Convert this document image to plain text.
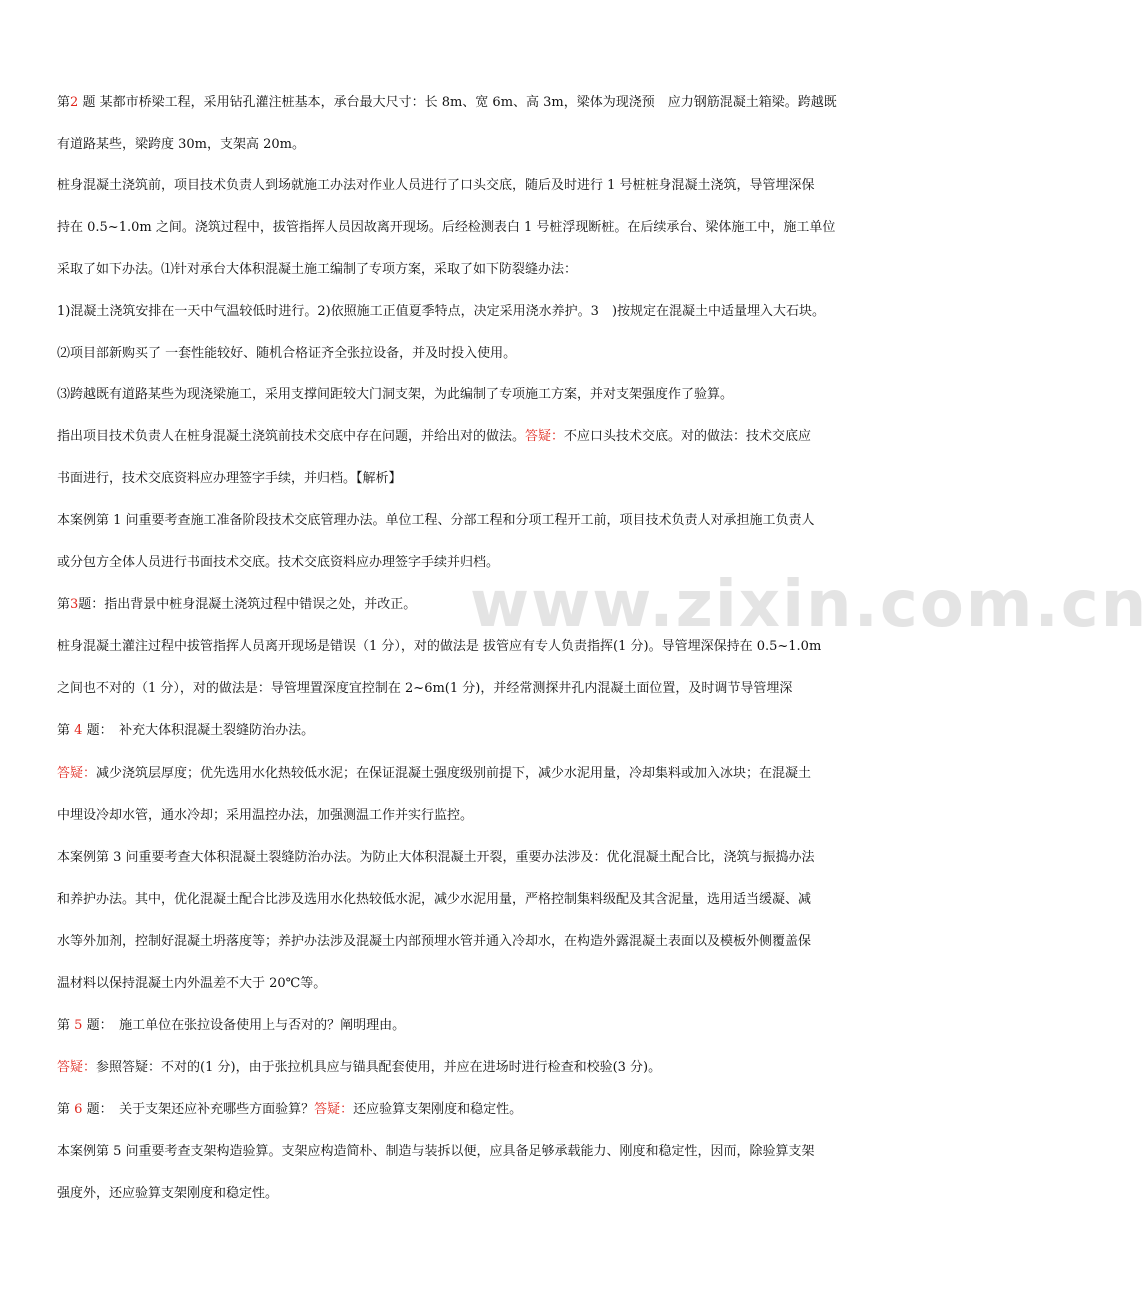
www.zixin.com.cn
第2 题 某都市桥梁工程，采用钻孔灌注桩基本，承台最大尺寸：长 8m、宽 6m、高 3m，梁体为现浇预　应力钢筋混凝土箱梁。跨越既
有道路某些，梁跨度 30m，支架高 20m。
桩身混凝土浇筑前，项目技术负责人到场就施工办法对作业人员进行了口头交底，随后及时进行 1 号桩桩身混凝土浇筑，导管埋深保
持在 0.5~1.0m 之间。浇筑过程中，拔管指挥人员因故离开现场。后经检测表白 1 号桩浮现断桩。在后续承台、梁体施工中，施工单位
采取了如下办法。⑴针对承台大体积混凝土施工编制了专项方案，采取了如下防裂缝办法：
1)混凝土浇筑安排在一天中气温较低时进行。2)依照施工正值夏季特点，决定采用浇水养护。3　)按规定在混凝土中适量埋入大石块。
⑵项目部新购买了 一套性能较好、随机合格证齐全张拉设备，并及时投入使用。
⑶跨越既有道路某些为现浇梁施工，采用支撑间距较大门洞支架，为此编制了专项施工方案，并对支架强度作了验算。
指出项目技术负责人在桩身混凝土浇筑前技术交底中存在问题，并给出对的做法。答疑：不应口头技术交底。对的做法：技术交底应
书面进行，技术交底资料应办理签字手续，并归档。【解析】
本案例第 1 问重要考查施工准备阶段技术交底管理办法。单位工程、分部工程和分项工程开工前，项目技术负责人对承担施工负责人
或分包方全体人员进行书面技术交底。技术交底资料应办理签字手续并归档。
第3题：指出背景中桩身混凝土浇筑过程中错误之处，并改正。
桩身混凝土灌注过程中拔管指挥人员离开现场是错误（1 分），对的做法是 拔管应有专人负责指挥(1 分)。导管埋深保持在 0.5~1.0m
之间也不对的（1 分），对的做法是：导管埋置深度宜控制在 2~6m(1 分)，并经常测探井孔内混凝土面位置，及时调节导管埋深
第 4 题：　补充大体积混凝土裂缝防治办法。
答疑：减少浇筑层厚度；优先选用水化热较低水泥；在保证混凝土强度级别前提下，减少水泥用量，冷却集料或加入冰块；在混凝土
中埋设冷却水管，通水冷却；采用温控办法，加强测温工作并实行监控。
本案例第 3 问重要考查大体积混凝土裂缝防治办法。为防止大体积混凝土开裂，重要办法涉及：优化混凝土配合比，浇筑与振捣办法
和养护办法。其中，优化混凝土配合比涉及选用水化热较低水泥，减少水泥用量，严格控制集料级配及其含泥量，选用适当缓凝、减
水等外加剂，控制好混凝土坍落度等；养护办法涉及混凝土内部预埋水管并通入冷却水，在构造外露混凝土表面以及模板外侧覆盖保
温材料以保持混凝土内外温差不大于 20℃等。
第 5 题：　施工单位在张拉设备使用上与否对的？阐明理由。
答疑：参照答疑：不对的(1 分)，由于张拉机具应与锚具配套使用，并应在进场时进行检查和校验(3 分)。
第 6 题：　关于支架还应补充哪些方面验算？答疑：还应验算支架刚度和稳定性。
本案例第 5 问重要考查支架构造验算。支架应构造简朴、制造与装拆以便，应具备足够承载能力、刚度和稳定性，因而，除验算支架
强度外，还应验算支架刚度和稳定性。
